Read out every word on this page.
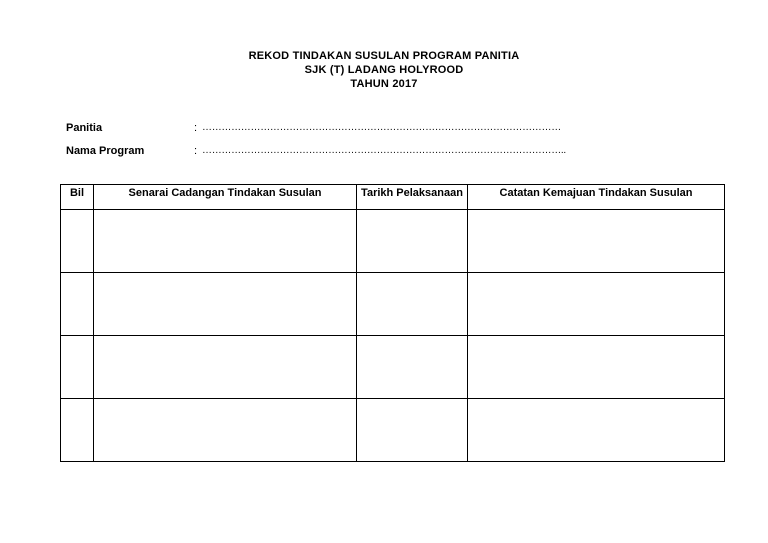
REKOD TINDAKAN SUSULAN PROGRAM PANITIA
SJK (T) LADANG HOLYROOD
TAHUN 2017
Panitia	: …………………………………………………………………………………………………
Nama Program	: …………………………………………………………………………………………………..
Bil	Senarai Cadangan Tindakan Susulan	Tarikh Pelaksanaan	Catatan Kemajuan Tindakan Susulan
